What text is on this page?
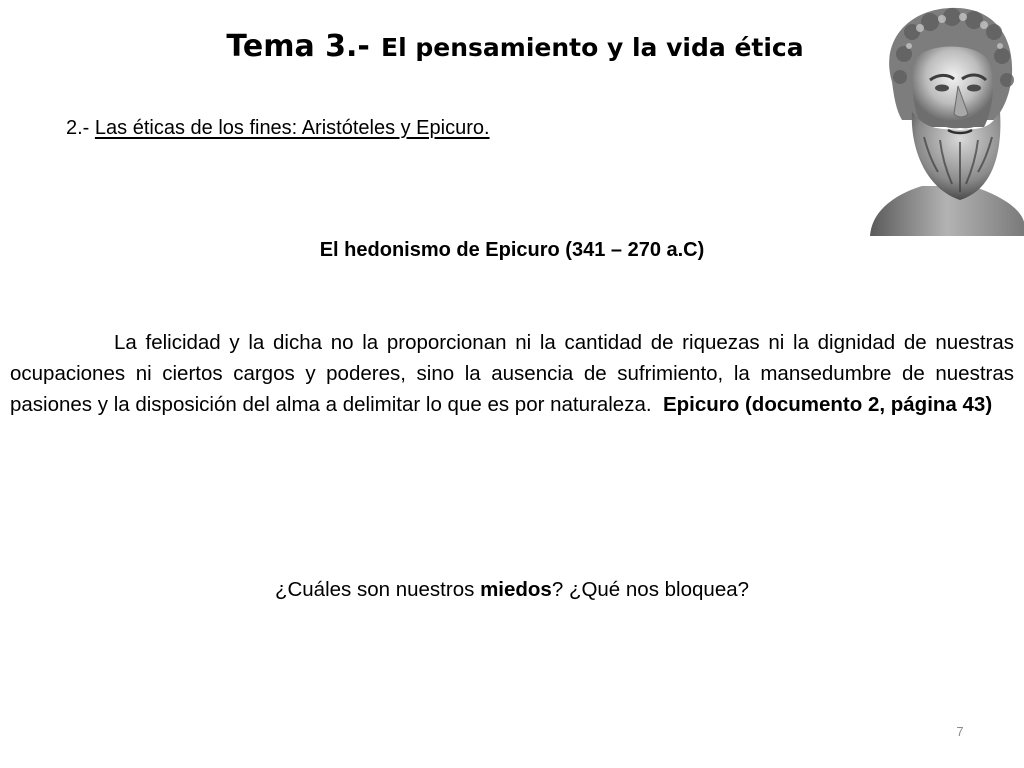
Tema 3.- El pensamiento y la vida ética
2.- Las éticas de los fines: Aristóteles y Epicuro.
El hedonismo de Epicuro (341 – 270 a.C)

La felicidad y la dicha no la proporcionan ni la cantidad de riquezas ni la dignidad de nuestras ocupaciones ni ciertos cargos y poderes, sino la ausencia de sufrimiento, la mansedumbre de nuestras pasiones y la disposición del alma a delimitar lo que es por naturaleza. Epicuro (documento 2, página 43)

¿Cuáles son nuestros miedos? ¿Qué nos bloquea?

7
